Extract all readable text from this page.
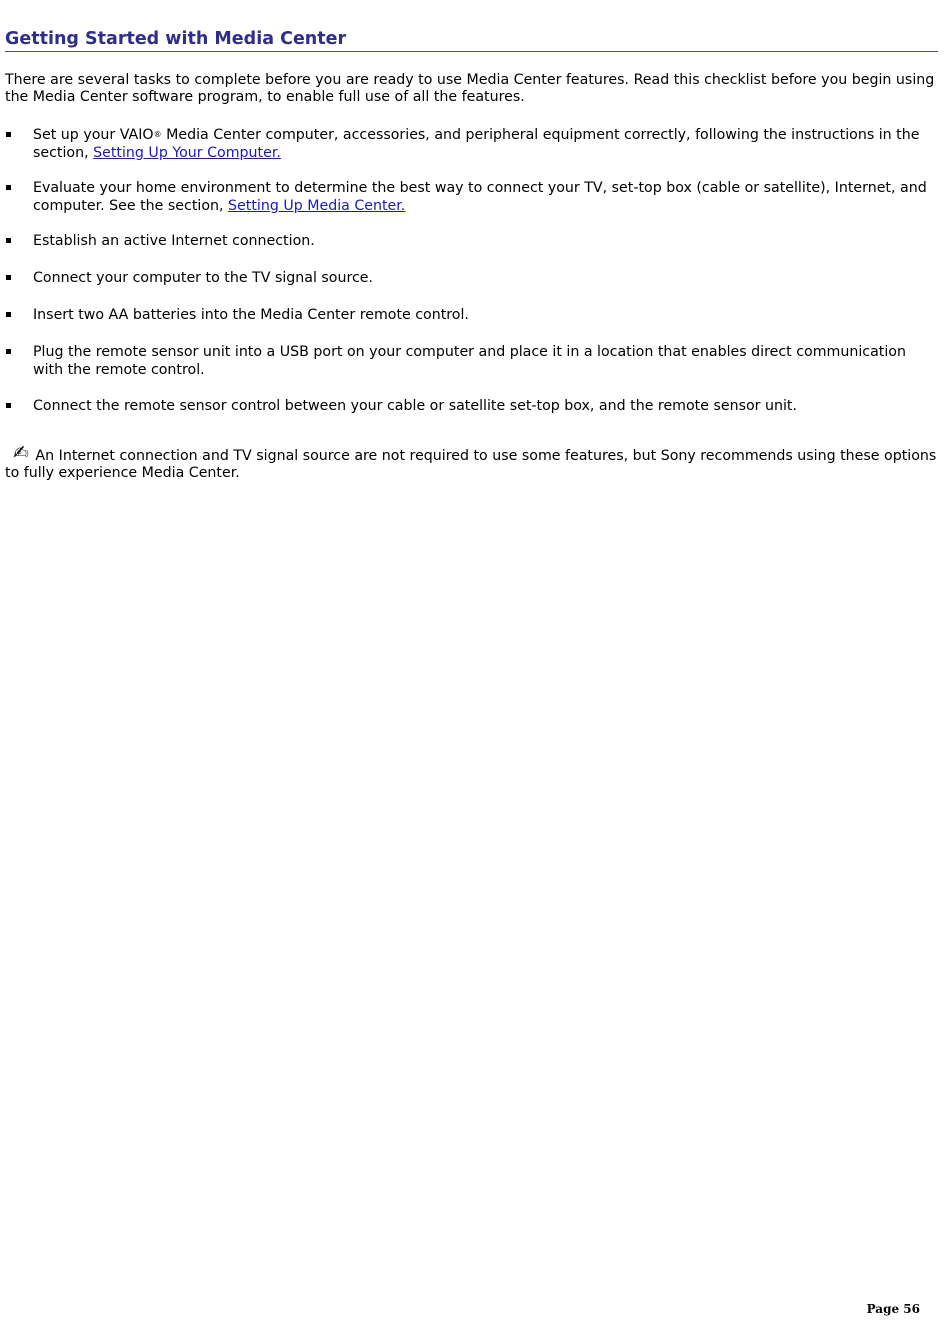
Getting Started with Media Center

There are several tasks to complete before you are ready to use Media Center features. Read this checklist before you begin using the Media Center software program, to enable full use of all the features.

Set up your VAIO® Media Center computer, accessories, and peripheral equipment correctly, following the instructions in the section, Setting Up Your Computer.
Evaluate your home environment to determine the best way to connect your TV, set-top box (cable or satellite), Internet, and computer. See the section, Setting Up Media Center.
Establish an active Internet connection.
Connect your computer to the TV signal source.
Insert two AA batteries into the Media Center remote control.
Plug the remote sensor unit into a USB port on your computer and place it in a location that enables direct communication with the remote control.
Connect the remote sensor control between your cable or satellite set-top box, and the remote sensor unit.

✍ An Internet connection and TV signal source are not required to use some features, but Sony recommends using these options to fully experience Media Center.

Page 56
